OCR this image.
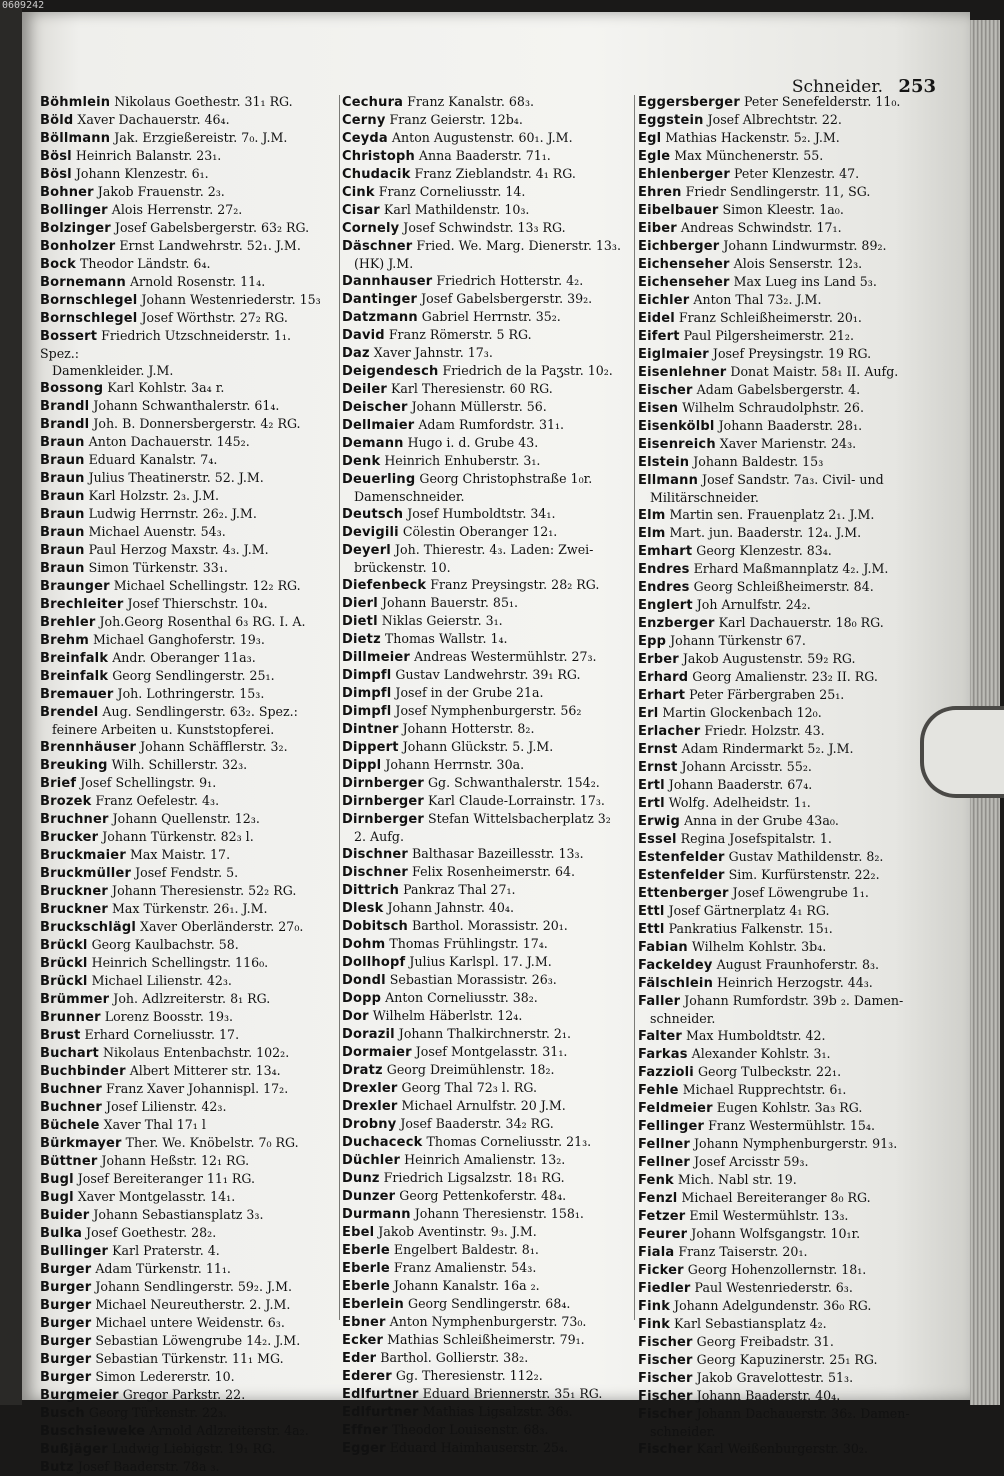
0609242
Schneider. 253
Böhmlein Nikolaus Goethestr. 31₁ RG.
Böld Xaver Dachauerstr. 46₄.
Böllmann Jak. Erzgießereistr. 7₀. J.M.
Bösl Heinrich Balanstr. 23₁.
Bösl Johann Klenzestr. 6₁.
Bohner Jakob Frauenstr. 2₃.
Bollinger Alois Herrenstr. 27₂.
Bolzinger Josef Gabelsbergerstr. 63₂ RG.
Bonholzer Ernst Landwehrstr. 52₁. J.M.
Bock Theodor Ländstr. 6₄.
Bornemann Arnold Rosenstr. 11₄.
Bornschlegel Johann Westenriederstr. 15₃
Bornschlegel Josef Wörthstr. 27₂ RG.
Bossert Friedrich Utzschneiderstr. 1₁. Spez.:
Damenkleider. J.M.
Bossong Karl Kohlstr. 3a₄ r.
Brandl Johann Schwanthalerstr. 61₄.
Brandl Joh. B. Donnersbergerstr. 4₂ RG.
Braun Anton Dachauerstr. 145₂.
Braun Eduard Kanalstr. 7₄.
Braun Julius Theatinerstr. 52. J.M.
Braun Karl Holzstr. 2₃. J.M.
Braun Ludwig Herrnstr. 26₂. J.M.
Braun Michael Auenstr. 54₃.
Braun Paul Herzog Maxstr. 4₃. J.M.
Braun Simon Türkenstr. 33₁.
Braunger Michael Schellingstr. 12₂ RG.
Brechleiter Josef Thierschstr. 10₄.
Brehler Joh.Georg Rosenthal 6₃ RG. I. A.
Brehm Michael Ganghoferstr. 19₃.
Breinfalk Andr. Oberanger 11a₃.
Breinfalk Georg Sendlingerstr. 25₁.
Bremauer Joh. Lothringerstr. 15₃.
Brendel Aug. Sendlingerstr. 63₂. Spez.:
feinere Arbeiten u. Kunststopferei.
Brennhäuser Johann Schäfflerstr. 3₂.
Breuking Wilh. Schillerstr. 32₃.
Brief Josef Schellingstr. 9₁.
Brozek Franz Oefelestr. 4₃.
Bruchner Johann Quellenstr. 12₃.
Brucker Johann Türkenstr. 82₃ l.
Bruckmaier Max Maistr. 17.
Bruckmüller Josef Fendstr. 5.
Bruckner Johann Theresienstr. 52₂ RG.
Bruckner Max Türkenstr. 26₁. J.M.
Bruckschlägl Xaver Oberländerstr. 27₀.
Brückl Georg Kaulbachstr. 58.
Brückl Heinrich Schellingstr. 116₀.
Brückl Michael Lilienstr. 42₃.
Brümmer Joh. Adlzreiterstr. 8₁ RG.
Brunner Lorenz Boosstr. 19₃.
Brust Erhard Corneliusstr. 17.
Buchart Nikolaus Entenbachstr. 102₂.
Buchbinder Albert Mitterer str. 13₄.
Buchner Franz Xaver Johannispl. 17₂.
Buchner Josef Lilienstr. 42₃.
Büchele Xaver Thal 17₁ l
Bürkmayer Ther. We. Knöbelstr. 7₀ RG.
Büttner Johann Heßstr. 12₁ RG.
Bugl Josef Bereiteranger 11₁ RG.
Bugl Xaver Montgelasstr. 14₁.
Buider Johann Sebastiansplatz 3₃.
Bulka Josef Goethestr. 28₂.
Bullinger Karl Praterstr. 4.
Burger Adam Türkenstr. 11₁.
Burger Johann Sendlingerstr. 59₂. J.M.
Burger Michael Neureutherstr. 2. J.M.
Burger Michael untere Weidenstr. 6₃.
Burger Sebastian Löwengrube 14₂. J.M.
Burger Sebastian Türkenstr. 11₁ MG.
Burger Simon Ledererstr. 10.
Burgmeier Gregor Parkstr. 22.
Busch Georg Türkenstr. 22₃.
Buschsieweke Arnold Adlzreiterstr. 4a₂.
Bußjäger Ludwig Liebigstr. 19₁ RG.
Butz Josef Baaderstr. 78a ₃.
Cechura Franz Kanalstr. 68₃.
Cerny Franz Geierstr. 12b₄.
Ceyda Anton Augustenstr. 60₁. J.M.
Christoph Anna Baaderstr. 71₁.
Chudacik Franz Zieblandstr. 4₁ RG.
Cink Franz Corneliusstr. 14.
Cisar Karl Mathildenstr. 10₃.
Cornely Josef Schwindstr. 13₃ RG.
Däschner Fried. We. Marg. Dienerstr. 13₃.
(HK) J.M.
Dannhauser Friedrich Hotterstr. 4₂.
Dantinger Josef Gabelsbergerstr. 39₂.
Datzmann Gabriel Herrnstr. 35₂.
David Franz Römerstr. 5 RG.
Daz Xaver Jahnstr. 17₃.
Deigendesch Friedrich de la Paʒstr. 10₂.
Deiler Karl Theresienstr. 60 RG.
Deischer Johann Müllerstr. 56.
Dellmaier Adam Rumfordstr. 31₁.
Demann Hugo i. d. Grube 43.
Denk Heinrich Enhuberstr. 3₁.
Deuerling Georg Christophstraße 1₀r.
Damenschneider.
Deutsch Josef Humboldtstr. 34₁.
Devigili Cölestin Oberanger 12₁.
Deyerl Joh. Thierestr. 4₃. Laden: Zwei-
brückenstr. 10.
Diefenbeck Franz Preysingstr. 28₂ RG.
Dierl Johann Bauerstr. 85₁.
Dietl Niklas Geierstr. 3₁.
Dietz Thomas Wallstr. 1₄.
Dillmeier Andreas Westermühlstr. 27₃.
Dimpfl Gustav Landwehrstr. 39₁ RG.
Dimpfl Josef in der Grube 21a.
Dimpfl Josef Nymphenburgerstr. 56₂
Dintner Johann Hotterstr. 8₂.
Dippert Johann Glückstr. 5. J.M.
Dippl Johann Herrnstr. 30a.
Dirnberger Gg. Schwanthalerstr. 154₂.
Dirnberger Karl Claude-Lorrainstr. 17₃.
Dirnberger Stefan Wittelsbacherplatz 3₂
2. Aufg.
Dischner Balthasar Bazeillesstr. 13₃.
Dischner Felix Rosenheimerstr. 64.
Dittrich Pankraz Thal 27₁.
Dlesk Johann Jahnstr. 40₄.
Dobitsch Barthol. Morassistr. 20₁.
Dohm Thomas Frühlingstr. 17₄.
Dollhopf Julius Karlspl. 17. J.M.
Dondl Sebastian Morassistr. 26₃.
Dopp Anton Corneliusstr. 38₂.
Dor Wilhelm Häberlstr. 12₄.
Dorazil Johann Thalkirchnerstr. 2₁.
Dormaier Josef Montgelasstr. 31₁.
Dratz Georg Dreimühlenstr. 18₂.
Drexler Georg Thal 72₃ l. RG.
Drexler Michael Arnulfstr. 20 J.M.
Drobny Josef Baaderstr. 34₂ RG.
Duchaceck Thomas Corneliusstr. 21₃.
Düchler Heinrich Amalienstr. 13₂.
Dunz Friedrich Ligsalzstr. 18₁ RG.
Dunzer Georg Pettenkoferstr. 48₄.
Durmann Johann Theresienstr. 158₁.
Ebel Jakob Aventinstr. 9₃. J.M.
Eberle Engelbert Baldestr. 8₁.
Eberle Franz Amalienstr. 54₃.
Eberle Johann Kanalstr. 16a ₂.
Eberlein Georg Sendlingerstr. 68₄.
Ebner Anton Nymphenburgerstr. 73₀.
Ecker Mathias Schleißheimerstr. 79₁.
Eder Barthol. Gollierstr. 38₂.
Ederer Gg. Theresienstr. 112₂.
Edlfurtner Eduard Briennerstr. 35₁ RG.
Edlfurtner Mathias Ligsalzstr. 36₃.
Effner Theodor Louisenstr. 68₃.
Egger Eduard Haimhauserstr. 25₄.
Eggersberger Peter Senefelderstr. 11₀.
Eggstein Josef Albrechtstr. 22.
Egl Mathias Hackenstr. 5₂. J.M.
Egle Max Münchenerstr. 55.
Ehlenberger Peter Klenzestr. 47.
Ehren Friedr Sendlingerstr. 11, SG.
Eibelbauer Simon Kleestr. 1a₀.
Eiber Andreas Schwindstr. 17₁.
Eichberger Johann Lindwurmstr. 89₂.
Eichenseher Alois Senserstr. 12₃.
Eichenseher Max Lueg ins Land 5₃.
Eichler Anton Thal 73₂. J.M.
Eidel Franz Schleißheimerstr. 20₁.
Eifert Paul Pilgersheimerstr. 21₂.
Eiglmaier Josef Preysingstr. 19 RG.
Eisenlehner Donat Maistr. 58₁ II. Aufg.
Eischer Adam Gabelsbergerstr. 4.
Eisen Wilhelm Schraudolphstr. 26.
Eisenkölbl Johann Baaderstr. 28₁.
Eisenreich Xaver Marienstr. 24₃.
Elstein Johann Baldestr. 15₃
Ellmann Josef Sandstr. 7a₃. Civil- und
Militärschneider.
Elm Martin sen. Frauenplatz 2₁. J.M.
Elm Mart. jun. Baaderstr. 12₄. J.M.
Emhart Georg Klenzestr. 83₄.
Endres Erhard Maßmannplatz 4₂. J.M.
Endres Georg Schleißheimerstr. 84.
Englert Joh Arnulfstr. 24₂.
Enzberger Karl Dachauerstr. 18₀ RG.
Epp Johann Türkenstr 67.
Erber Jakob Augustenstr. 59₂ RG.
Erhard Georg Amalienstr. 23₂ II. RG.
Erhart Peter Färbergraben 25₁.
Erl Martin Glockenbach 12₀.
Erlacher Friedr. Holzstr. 43.
Ernst Adam Rindermarkt 5₂. J.M.
Ernst Johann Arcisstr. 55₂.
Ertl Johann Baaderstr. 67₄.
Ertl Wolfg. Adelheidstr. 1₁.
Erwig Anna in der Grube 43a₀.
Essel Regina Josefspitalstr. 1.
Estenfelder Gustav Mathildenstr. 8₂.
Estenfelder Sim. Kurfürstenstr. 22₂.
Ettenberger Josef Löwengrube 1₁.
Ettl Josef Gärtnerplatz 4₁ RG.
Ettl Pankratius Falkenstr. 15₁.
Fabian Wilhelm Kohlstr. 3b₄.
Fackeldey August Fraunhoferstr. 8₃.
Fälschlein Heinrich Herzogstr. 44₃.
Faller Johann Rumfordstr. 39b ₂. Damen-
schneider.
Falter Max Humboldtstr. 42.
Farkas Alexander Kohlstr. 3₁.
Fazzioli Georg Tulbeckstr. 22₁.
Fehle Michael Rupprechtstr. 6₁.
Feldmeier Eugen Kohlstr. 3a₃ RG.
Fellinger Franz Westermühlstr. 15₄.
Fellner Johann Nymphenburgerstr. 91₃.
Fellner Josef Arcisstr 59₃.
Fenk Mich. Nabl str. 19.
Fenzl Michael Bereiteranger 8₀ RG.
Fetzer Emil Westermühlstr. 13₃.
Feurer Johann Wolfsgangstr. 10₁r.
Fiala Franz Taiserstr. 20₁.
Ficker Georg Hohenzollernstr. 18₁.
Fiedler Paul Westenriederstr. 6₃.
Fink Johann Adelgundenstr. 36₀ RG.
Fink Karl Sebastiansplatz 4₂.
Fischer Georg Freibadstr. 31.
Fischer Georg Kapuzinerstr. 25₁ RG.
Fischer Jakob Gravelottestr. 51₃.
Fischer Johann Baaderstr. 40₄.
Fischer Johann Dachauerstr. 36₂. Damen-
schneider.
Fischer Karl Weißenburgerstr. 30₂.
